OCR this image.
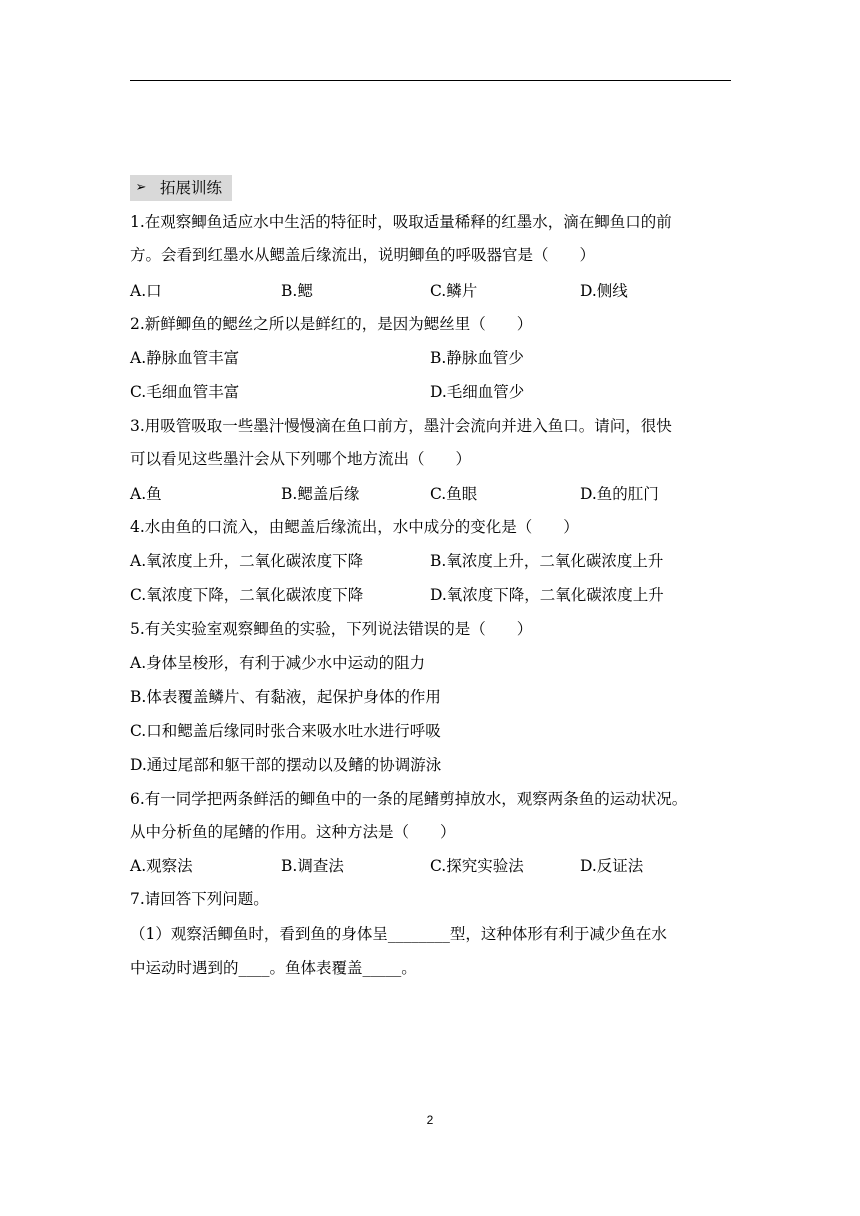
➢ 拓展训练
1.在观察鲫鱼适应水中生活的特征时，吸取适量稀释的红墨水，滴在鲫鱼口的前
方。会看到红墨水从鳃盖后缘流出，说明鲫鱼的呼吸器官是（　　）
A.口	B.鳃	C.鳞片	D.侧线
2.新鲜鲫鱼的鳃丝之所以是鲜红的，是因为鳃丝里（　　）
A.静脉血管丰富	B.静脉血管少
C.毛细血管丰富	D.毛细血管少
3.用吸管吸取一些墨汁慢慢滴在鱼口前方，墨汁会流向并进入鱼口。请问，很快
可以看见这些墨汁会从下列哪个地方流出（　　）
A.鱼	B.鳃盖后缘	C.鱼眼	D.鱼的肛门
4.水由鱼的口流入，由鳃盖后缘流出，水中成分的变化是（　　）
A.氧浓度上升，二氧化碳浓度下降	B.氧浓度上升，二氧化碳浓度上升
C.氧浓度下降，二氧化碳浓度下降	D.氧浓度下降，二氧化碳浓度上升
5.有关实验室观察鲫鱼的实验，下列说法错误的是（　　）
A.身体呈梭形，有利于减少水中运动的阻力
B.体表覆盖鳞片、有黏液，起保护身体的作用
C.口和鳃盖后缘同时张合来吸水吐水进行呼吸
D.通过尾部和躯干部的摆动以及鳍的协调游泳
6.有一同学把两条鲜活的鲫鱼中的一条的尾鳍剪掉放水，观察两条鱼的运动状况。
从中分析鱼的尾鳍的作用。这种方法是（　　）
A.观察法	B.调查法	C.探究实验法	D.反证法
7.请回答下列问题。
（1）观察活鲫鱼时，看到鱼的身体呈________型，这种体形有利于减少鱼在水
中运动时遇到的____。鱼体表覆盖_____。
2
